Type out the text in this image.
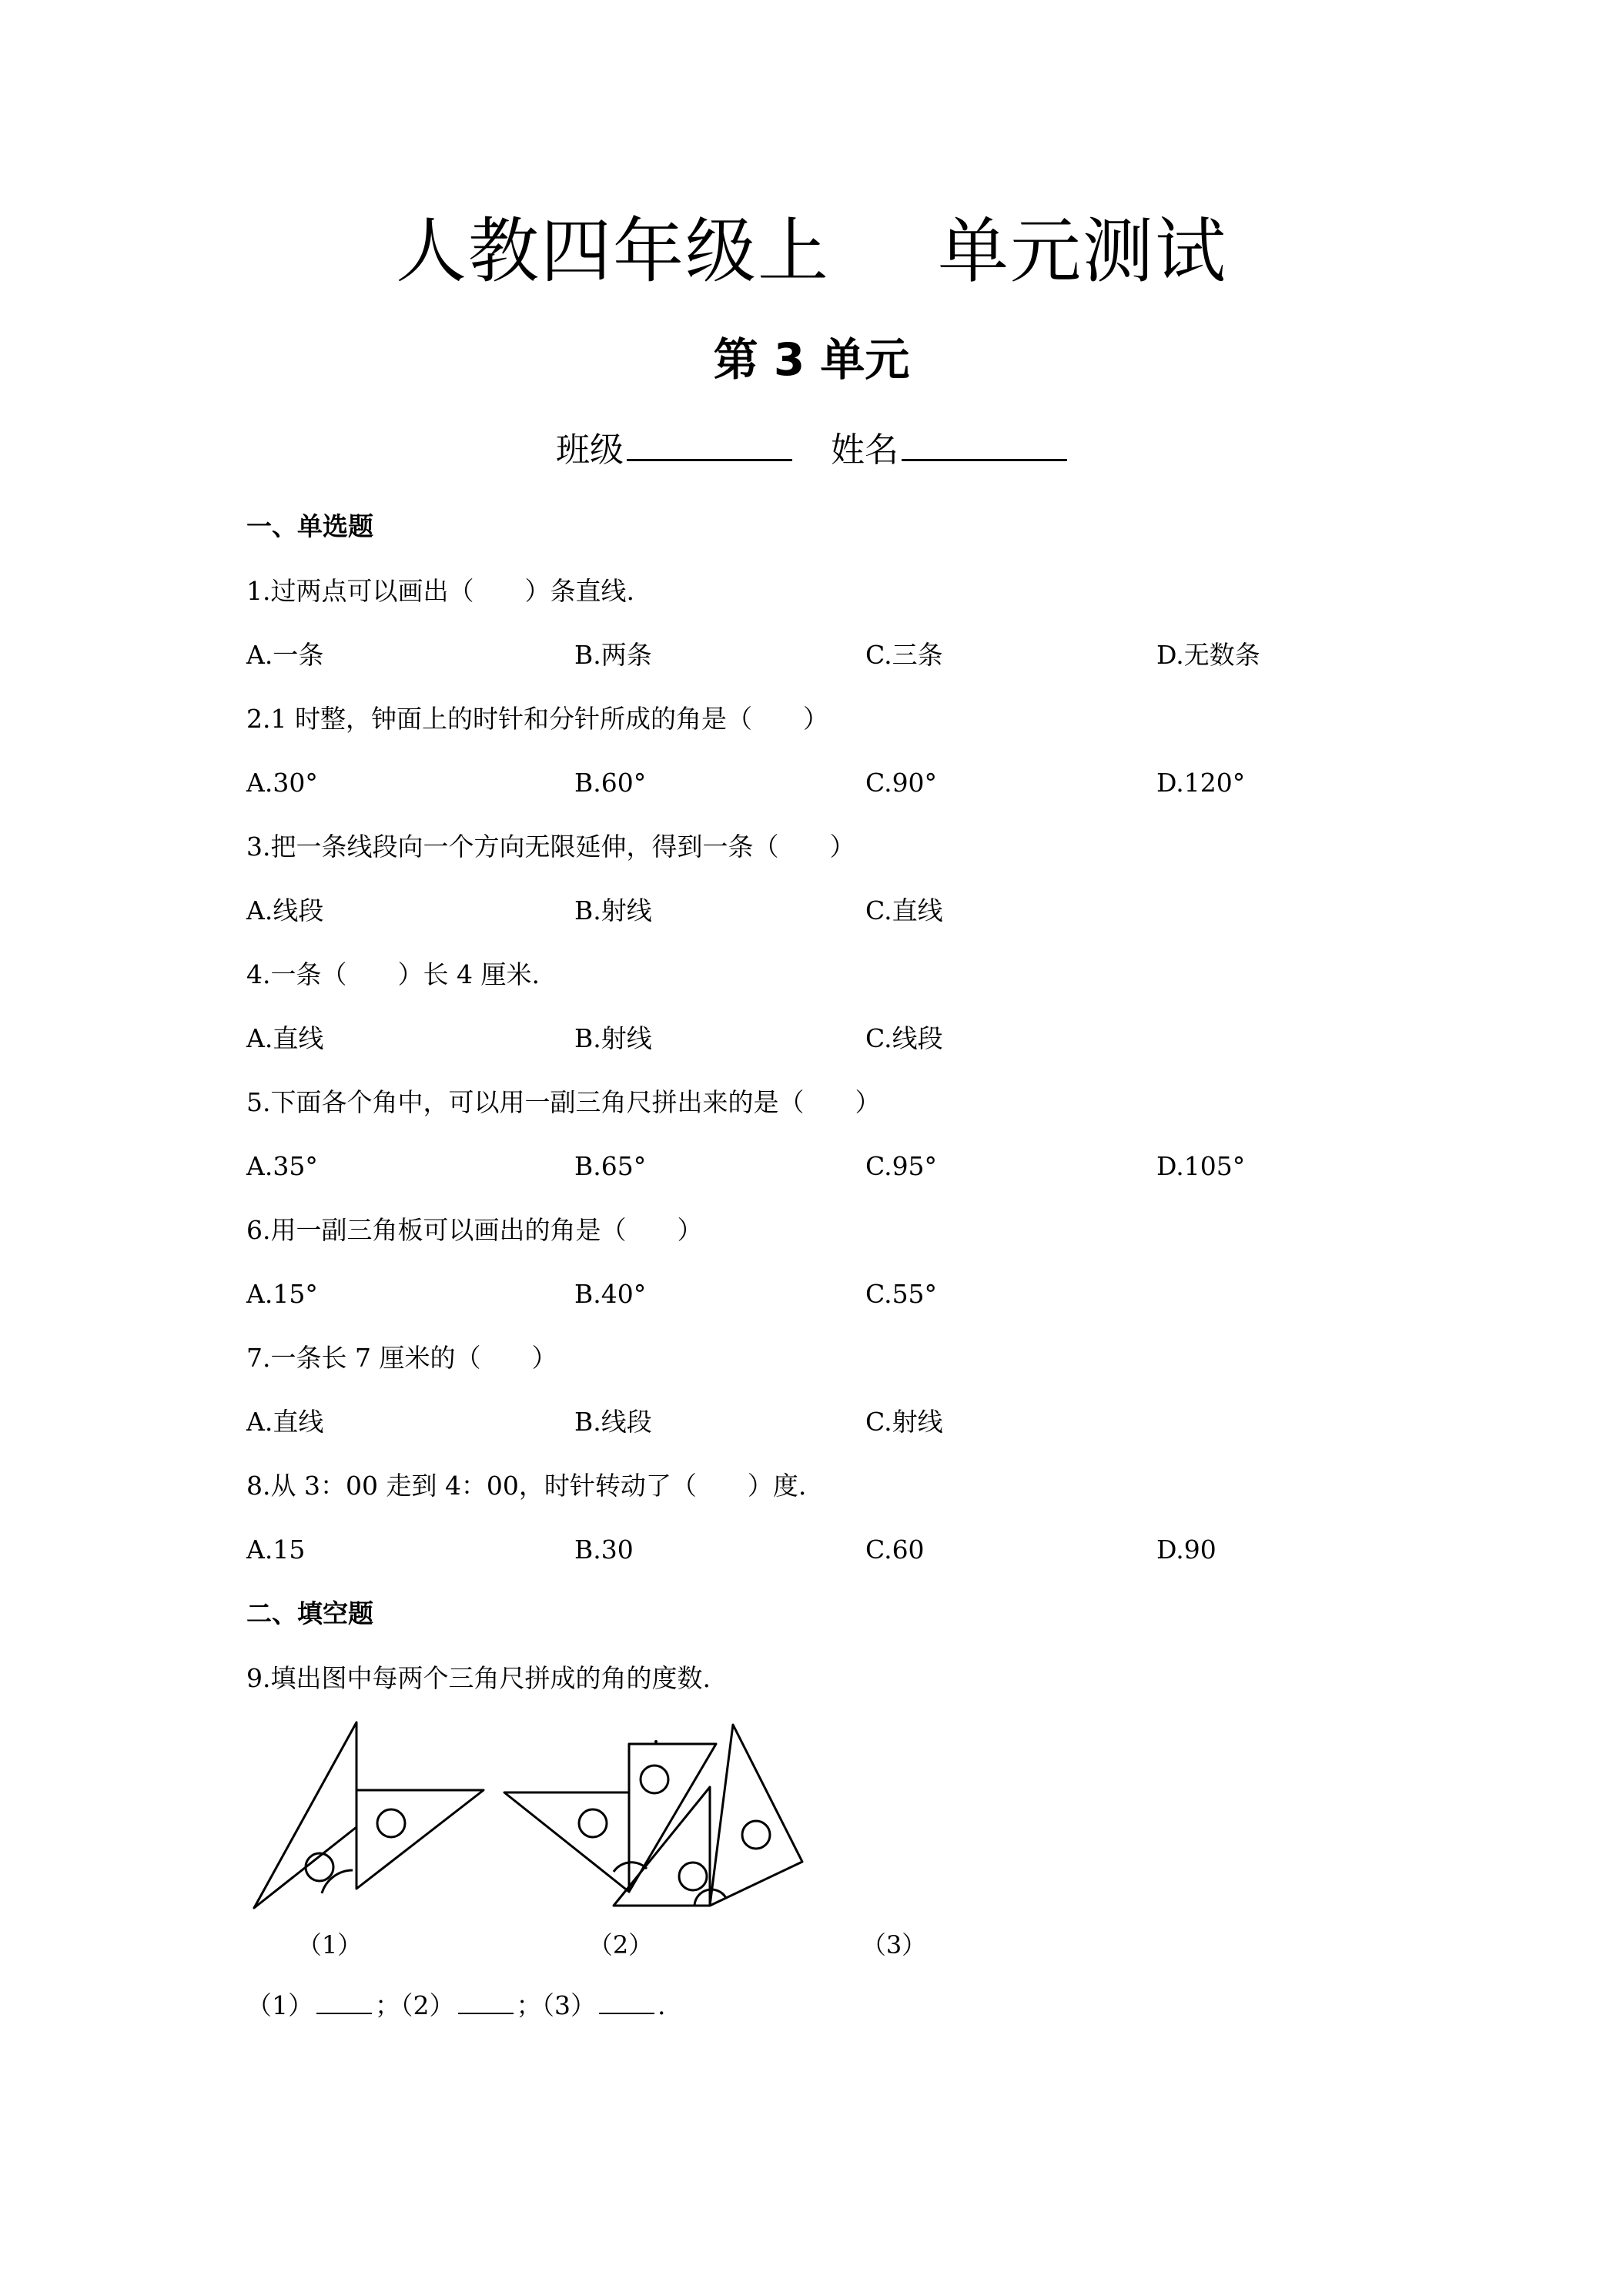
人教四年级上 单元测试
第 3 单元
班级	姓名
一、单选题
1.过两点可以画出（　　）条直线.
A.一条	B.两条	C.三条	D.无数条
2.1 时整，钟面上的时针和分针所成的角是（　　）
A.30°	B.60°	C.90°	D.120°
3.把一条线段向一个方向无限延伸，得到一条（　　）
A.线段	B.射线	C.直线
4.一条（　　）长 4 厘米.
A.直线	B.射线	C.线段
5.下面各个角中，可以用一副三角尺拼出来的是（　　）
A.35°	B.65°	C.95°	D.105°
6.用一副三角板可以画出的角是（　　）
A.15°	B.40°	C.55°
7.一条长 7 厘米的（　　）
A.直线	B.线段	C.射线
8.从 3：00 走到 4：00，时针转动了（　　）度.
A.15	B.30	C.60	D.90
二、填空题
9.填出图中每两个三角尺拼成的角的度数.
（1）	（2）	（3）
（1） ；（2） ；（3） .
